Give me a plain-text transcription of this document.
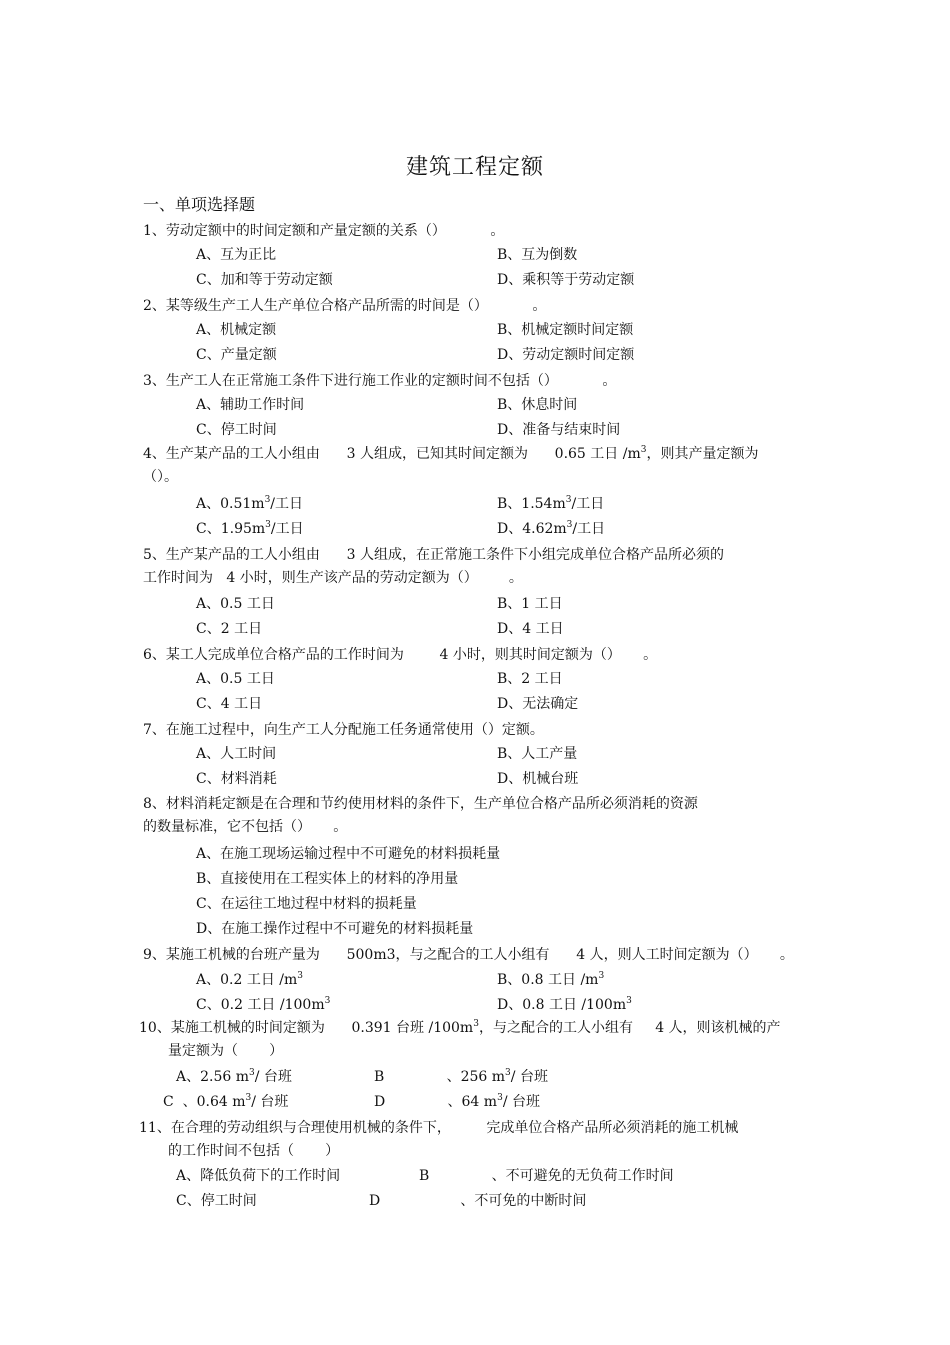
建筑工程定额
一、单项选择题
1、劳动定额中的时间定额和产量定额的关系（）          。
A、互为正比	B、互为倒数
C、加和等于劳动定额	D、乘积等于劳动定额
2、某等级生产工人生产单位合格产品所需的时间是（）          。
A、机械定额	B、机械定额时间定额
C、产量定额	D、劳动定额时间定额
3、生产工人在正常施工条件下进行施工作业的定额时间不包括（）          。
A、辅助工作时间	B、休息时间
C、停工时间	D、准备与结束时间
4、生产某产品的工人小组由      3 人组成，已知其时间定额为      0.65 工日 $/m^3$，则其产量定额为
（）。
A、$0.51m^3/$工日	B、$1.54m^3/$工日
C、$1.95m^3/$工日	D、$4.62m^3/$工日
5、生产某产品的工人小组由      3 人组成，在正常施工条件下小组完成单位合格产品所必须的
工作时间为   4 小时，则生产该产品的劳动定额为（）       。
A、0.5 工日	B、1 工日
C、2 工日	D、4 工日
6、某工人完成单位合格产品的工作时间为        4 小时，则其时间定额为（）     。
A、0.5 工日	B、2 工日
C、4 工日	D、无法确定
7、在施工过程中，向生产工人分配施工任务通常使用（）定额。
A、人工时间	B、人工产量
C、材料消耗	D、机械台班
8、材料消耗定额是在合理和节约使用材料的条件下，生产单位合格产品所必须消耗的资源
的数量标准，它不包括（）     。
A、在施工现场运输过程中不可避免的材料损耗量
B、直接使用在工程实体上的材料的净用量
C、在运往工地过程中材料的损耗量
D、在施工操作过程中不可避免的材料损耗量
9、某施工机械的台班产量为      500m3，与之配合的工人小组有      4 人，则人工时间定额为（）     。
A、0.2 工日 $/m^3$	B、0.8 工日 $/m^3$
C、0.2 工日 $/100m^3$	D、0.8 工日 $/100m^3$
10、某施工机械的时间定额为      0.391 台班 $/100m^3$，与之配合的工人小组有     4 人，则该机械的产
量定额为（       ）
A、2.56 $m^3/$ 台班	B              、256 $m^3/$ 台班
C  、0.64 $m^3/$ 台班	D              、64 $m^3/$ 台班
11、在合理的劳动组织与合理使用机械的条件下，        完成单位合格产品所必须消耗的施工机械
的工作时间不包括（       ）
A、降低负荷下的工作时间	B              、不可避免的无负荷工作时间
C、停工时间	D                  、不可免的中断时间
